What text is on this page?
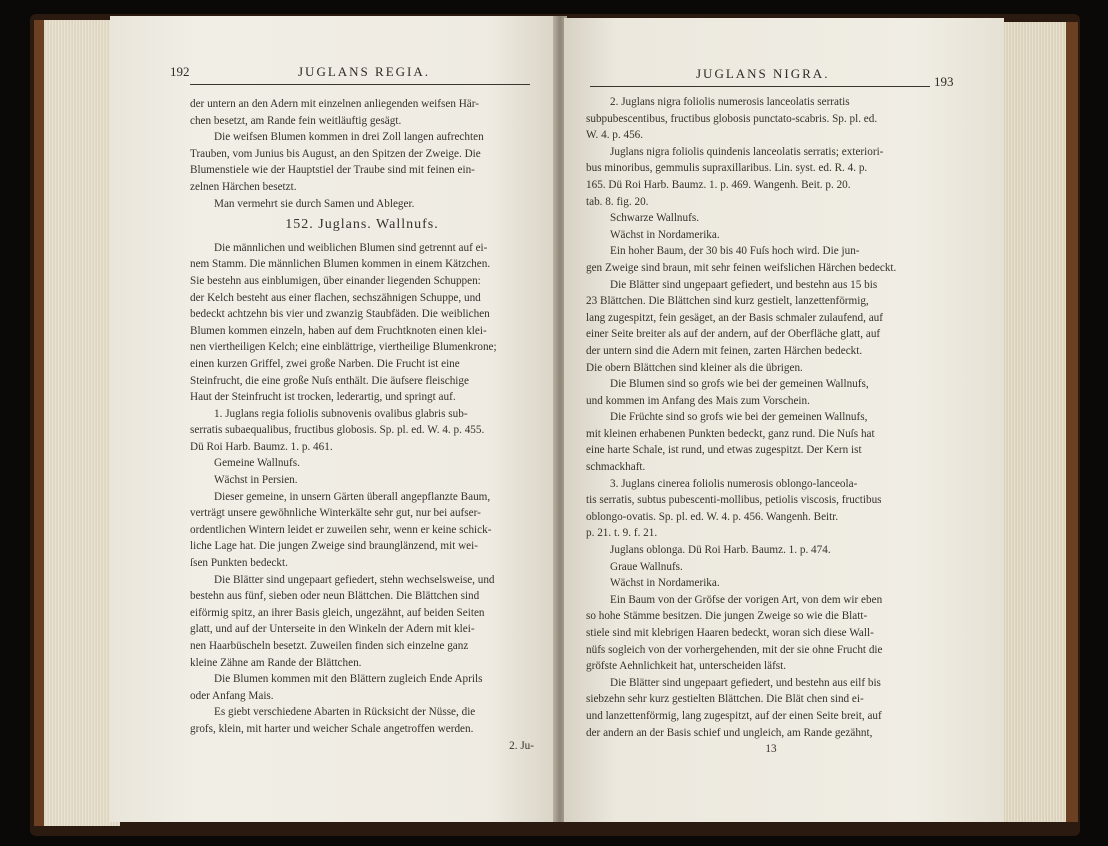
192	JUGLANS REGIA.

der untern an den Adern mit einzelnen anliegenden weifsen Här-

chen besetzt, am Rande fein weitläuftig gesägt.

Die weifsen Blumen kommen in drei Zoll langen aufrechten

Trauben, vom Junius bis August, an den Spitzen der Zweige. Die

Blumenstiele wie der Hauptstiel der Traube sind mit feinen ein-

zelnen Härchen besetzt.

Man vermehrt sie durch Samen und Ableger.

152. Juglans. Wallnufs.

Die männlichen und weiblichen Blumen sind getrennt auf ei-

nem Stamm. Die männlichen Blumen kommen in einem Kätzchen.

Sie bestehn aus einblumigen, über einander liegenden Schuppen:

der Kelch besteht aus einer flachen, sechszähnigen Schuppe, und

bedeckt achtzehn bis vier und zwanzig Staubfäden. Die weiblichen

Blumen kommen einzeln, haben auf dem Fruchtknoten einen klei-

nen viertheiligen Kelch; eine einblättrige, viertheilige Blumenkrone;

einen kurzen Griffel, zwei große Narben. Die Frucht ist eine

Steinfrucht, die eine große Nuſs enthält. Die äufsere fleischige

Haut der Steinfrucht ist trocken, lederartig, und springt auf.

1. Juglans regia foliolis subnovenis ovalibus glabris sub-

serratis subaequalibus, fructibus globosis. Sp. pl. ed. W. 4. p. 455.

Dü Roi Harb. Baumz. 1. p. 461.

Gemeine Wallnufs.

Wächst in Persien.

Dieser gemeine, in unsern Gärten überall angepflanzte Baum,

verträgt unsere gewöhnliche Winterkälte sehr gut, nur bei aufser-

ordentlichen Wintern leidet er zuweilen sehr, wenn er keine schick-

liche Lage hat. Die jungen Zweige sind braunglänzend, mit wei-

ſsen Punkten bedeckt.

Die Blätter sind ungepaart gefiedert, stehn wechselsweise, und

bestehn aus fünf, sieben oder neun Blättchen. Die Blättchen sind

eiförmig spitz, an ihrer Basis gleich, ungezähnt, auf beiden Seiten

glatt, und auf der Unterseite in den Winkeln der Adern mit klei-

nen Haarbüscheln besetzt. Zuweilen finden sich einzelne ganz

kleine Zähne am Rande der Blättchen.

Die Blumen kommen mit den Blättern zugleich Ende Aprils

oder Anfang Mais.

Es giebt verschiedene Abarten in Rücksicht der Nüsse, die

grofs, klein, mit harter und weicher Schale angetroffen werden.

2. Ju-

JUGLANS NIGRA.
193

2. Juglans nigra foliolis numerosis lanceolatis serratis

subpubescentibus, fructibus globosis punctato-scabris. Sp. pl. ed.

W. 4. p. 456.

Juglans nigra foliolis quindenis lanceolatis serratis; exteriori-

bus minoribus, gemmulis supraxillaribus. Lin. syst. ed. R. 4. p.

165. Dü Roi Harb. Baumz. 1. p. 469. Wangenh. Beit. p. 20.

tab. 8. fig. 20.

Schwarze Wallnufs.

Wächst in Nordamerika.

Ein hoher Baum, der 30 bis 40 Fuſs hoch wird. Die jun-

gen Zweige sind braun, mit sehr feinen weifslichen Härchen bedeckt.

Die Blätter sind ungepaart gefiedert, und bestehn aus 15 bis

23 Blättchen. Die Blättchen sind kurz gestielt, lanzettenförmig,

lang zugespitzt, fein gesäget, an der Basis schmaler zulaufend, auf

einer Seite breiter als auf der andern, auf der Oberfläche glatt, auf

der untern sind die Adern mit feinen, zarten Härchen bedeckt.

Die obern Blättchen sind kleiner als die übrigen.

Die Blumen sind so grofs wie bei der gemeinen Wallnufs,

und kommen im Anfang des Mais zum Vorschein.

Die Früchte sind so grofs wie bei der gemeinen Wallnufs,

mit kleinen erhabenen Punkten bedeckt, ganz rund. Die Nuſs hat

eine harte Schale, ist rund, und etwas zugespitzt. Der Kern ist

schmackhaft.

3. Juglans cinerea foliolis numerosis oblongo-lanceola-

tis serratis, subtus pubescenti-mollibus, petiolis viscosis, fructibus

oblongo-ovatis. Sp. pl. ed. W. 4. p. 456. Wangenh. Beitr.

p. 21. t. 9. f. 21.

Juglans oblonga. Dü Roi Harb. Baumz. 1. p. 474.

Graue Wallnufs.

Wächst in Nordamerika.

Ein Baum von der Gröfse der vorigen Art, von dem wir eben

so hohe Stämme besitzen. Die jungen Zweige so wie die Blatt-

stiele sind mit klebrigen Haaren bedeckt, woran sich diese Wall-

nüfs sogleich von der vorhergehenden, mit der sie ohne Frucht die

gröfste Aehnlichkeit hat, unterscheiden läfst.

Die Blätter sind ungepaart gefiedert, und bestehn aus eilf bis

siebzehn sehr kurz gestielten Blättchen. Die Blät chen sind ei-

und lanzettenförmig, lang zugespitzt, auf der einen Seite breit, auf

der andern an der Basis schief und ungleich, am Rande gezähnt,

13
